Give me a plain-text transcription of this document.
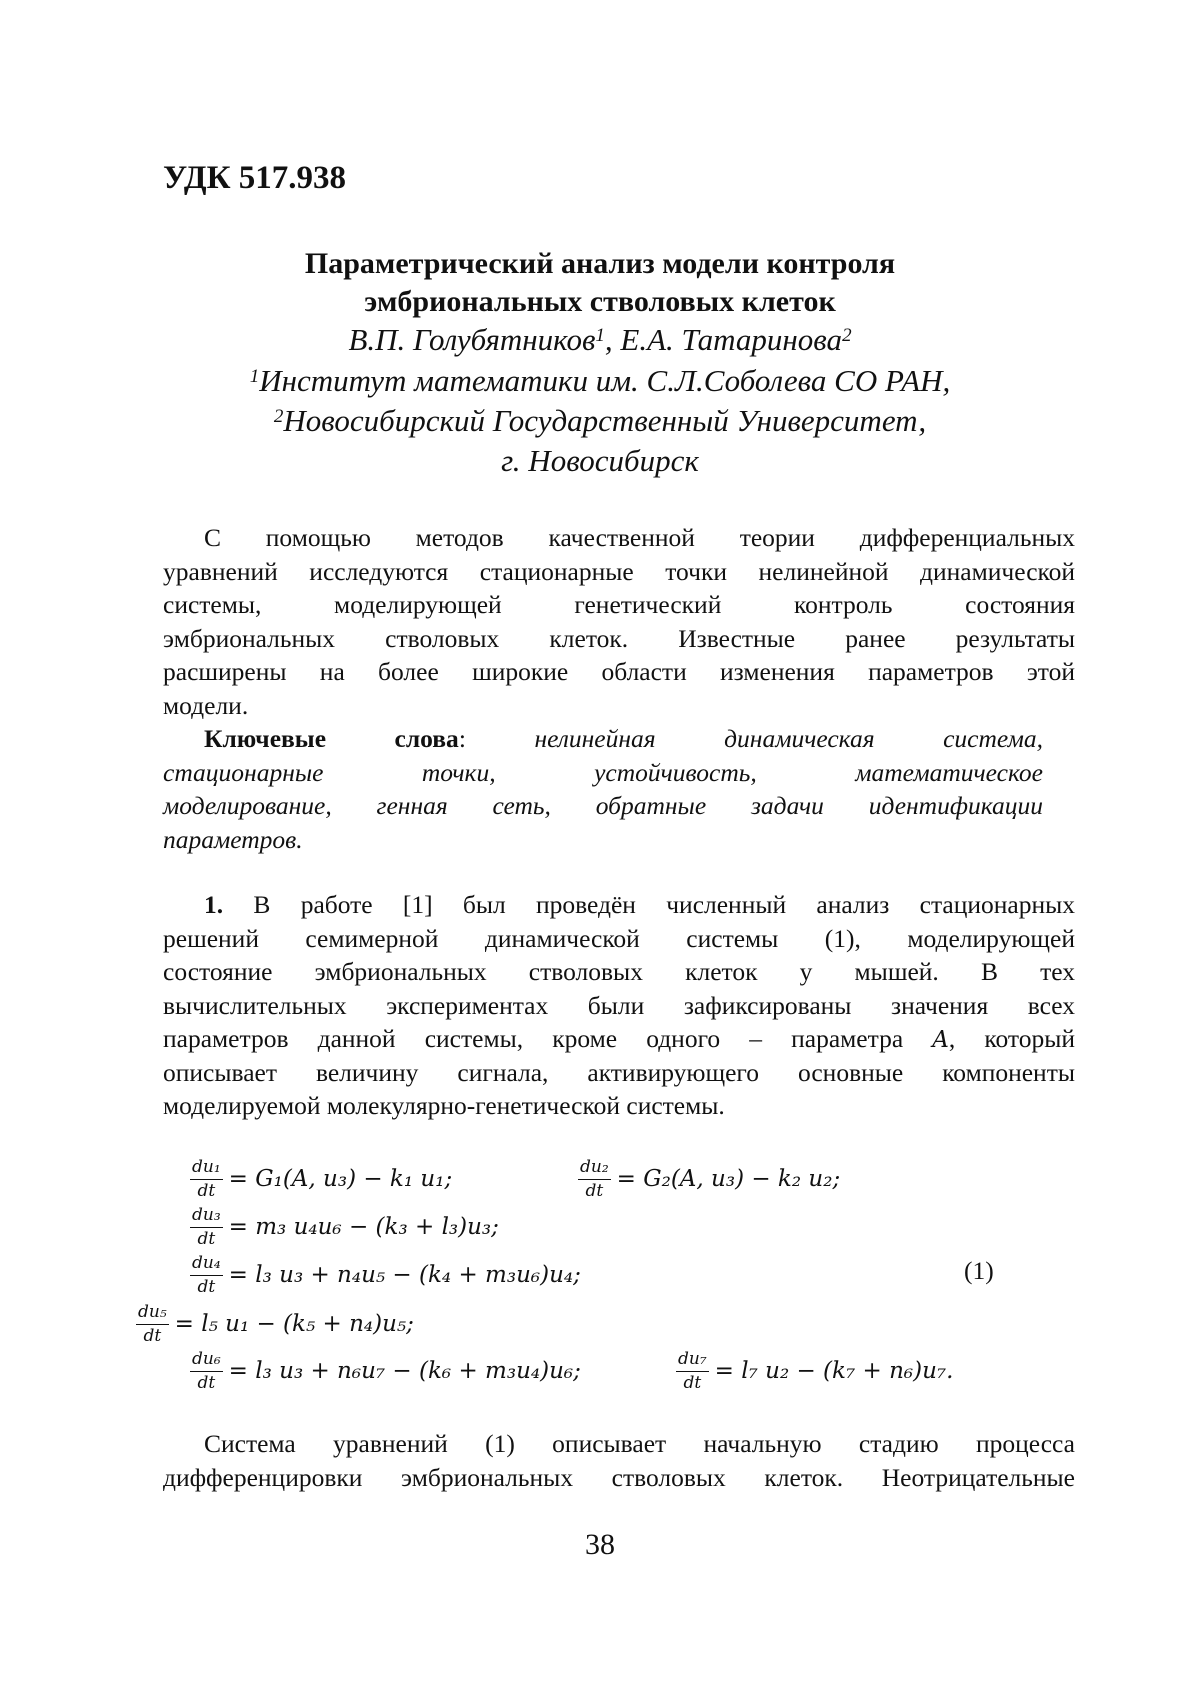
УДК 517.938
Параметрический анализ модели контроля
эмбриональных стволовых клеток
В.П. Голубятников$^1$, Е.А. Татаринова$^2$
$^1$Институт математики им. С.Л.Соболева СО РАН,
$^2$Новосибирский Государственный Университет,
г. Новосибирск
С помощью методов качественной теории дифференциальных
уравнений исследуются стационарные точки нелинейной динамической
системы, моделирующей генетический контроль состояния
эмбриональных стволовых клеток. Известные ранее результаты
расширены на более широкие области изменения параметров этой
модели.
Ключевые слова:	нелинейная динамическая система,
стационарные точки, устойчивость, математическое
моделирование, генная сеть, обратные задачи идентификации
параметров.
1. В работе [1] был проведён численный анализ стационарных
решений семимерной динамической системы (1), моделирующей
состояние эмбриональных стволовых клеток у мышей. В тех
вычислительных экспериментах были зафиксированы значения всех
параметров данной системы, кроме одного – параметра A, который
описывает величину сигнала, активирующего основные компоненты
моделируемой молекулярно-генетической системы.
$\frac{\text{du₁}}{dt} = G_1(A$, u₃) − k₁ u₁;	$\frac{\text{du₂}}{dt} = G_2(A$, u₃) − k₂ u₂;
$\frac{\text{du₃}}{dt} = m_3$ u₄u₆ − (k₃ + l₃)u₃;
$\frac{\text{du₄}}{dt} = l_3$ u₃ + n₄u₅ − (k₄ + m₃u₆)u₄;	(1)
$\frac{\text{du₅}}{dt} = l_5$ u₁ − (k₅ + n₄)u₅;
$\frac{\text{du₆}}{dt} = l_3$ u₃ + n₆u₇ − (k₆ + m₃u₄)u₆;	$\frac{\text{du₇}}{dt} = l_7$ u₂ − (k₇ + n₆)u₇.
Система уравнений (1) описывает начальную стадию процесса
дифференцировки эмбриональных стволовых клеток. Неотрицательные
38
